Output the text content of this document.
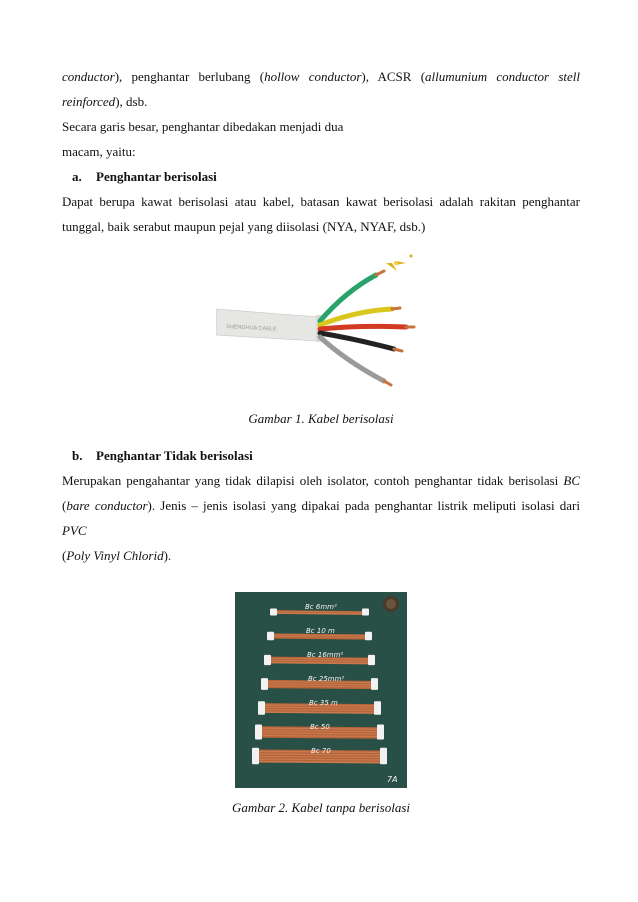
conductor), penghantar berlubang (hollow conductor), ACSR (allumunium conductor stell

reinforced), dsb.

Secara garis besar, penghantar dibedakan menjadi dua

macam, yaitu:

a. Penghantar berisolasi

Dapat berupa kawat berisolasi atau kabel, batasan kawat berisolasi adalah rakitan penghantar

tunggal, baik serabut maupun pejal yang diisolasi (NYA, NYAF, dsb.)

SHENGHUA CABLE

Gambar 1. Kabel berisolasi

b. Penghantar Tidak berisolasi

Merupakan pengahantar yang tidak dilapisi oleh isolator, contoh penghantar tidak berisolasi BC

(bare conductor). Jenis – jenis isolasi yang dipakai pada penghantar listrik meliputi isolasi dari PVC

(Poly Vinyl Chlorid).

Bc 6mm²
Bc 10 m
Bc 16mm²
Bc 25mm²
Bc 35 m
Bc 50
Bc 70
7A

Gambar 2. Kabel tanpa berisolasi
